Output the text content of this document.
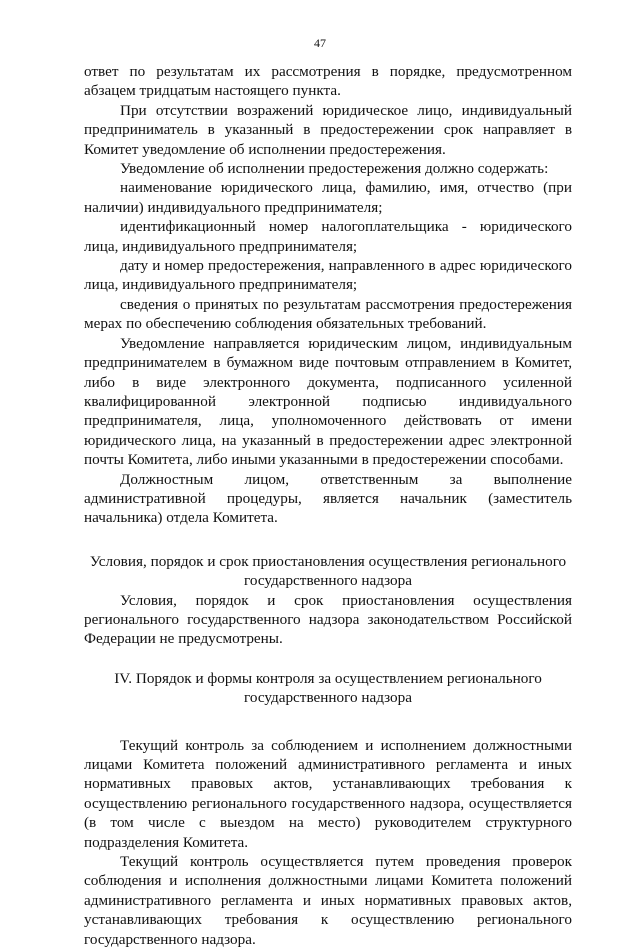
47

ответ по результатам их рассмотрения в порядке, предусмотренном абзацем тридцатым настоящего пункта.

При отсутствии возражений юридическое лицо, индивидуальный предприниматель в указанный в предостережении срок направляет в Комитет уведомление об исполнении предостережения.

Уведомление об исполнении предостережения должно содержать:

наименование юридического лица, фамилию, имя, отчество (при наличии) индивидуального предпринимателя;

идентификационный номер налогоплательщика - юридического лица, индивидуального предпринимателя;

дату и номер предостережения, направленного в адрес юридического лица, индивидуального предпринимателя;

сведения о принятых по результатам рассмотрения предостережения мерах по обеспечению соблюдения обязательных требований.

Уведомление направляется юридическим лицом, индивидуальным предпринимателем в бумажном виде почтовым отправлением в Комитет, либо в виде электронного документа, подписанного усиленной квалифицированной электронной подписью индивидуального предпринимателя, лица, уполномоченного действовать от имени юридического лица, на указанный в предостережении адрес электронной почты Комитета, либо иными указанными в предостережении способами.

Должностным лицом, ответственным за выполнение административной процедуры, является начальник (заместитель начальника) отдела Комитета.

Условия, порядок и срок приостановления осуществления регионального

государственного надзора

Условия, порядок и срок приостановления осуществления регионального государственного надзора законодательством Российской Федерации не предусмотрены.

IV. Порядок и формы контроля за осуществлением регионального

государственного надзора

Текущий контроль за соблюдением и исполнением должностными лицами Комитета положений административного регламента и иных нормативных правовых актов, устанавливающих требования к осуществлению регионального государственного надзора, осуществляется (в том числе с выездом на место) руководителем структурного подразделения Комитета.

Текущий контроль осуществляется путем проведения проверок соблюдения и исполнения должностными лицами Комитета положений административного регламента и иных нормативных правовых актов, устанавливающих требования к осуществлению регионального государственного надзора.
